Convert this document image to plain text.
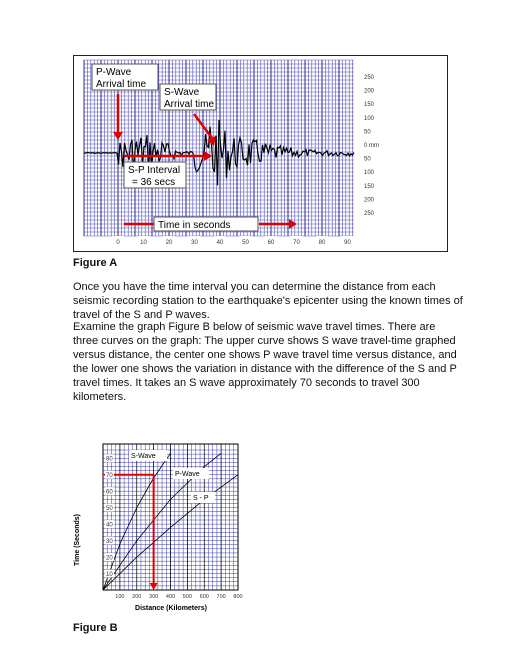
250
200
150
100
50
0 mm
50
100
150
200
250
0	10	20	30	40	50	60	70	80	90
P-Wave
Arrival time
S-Wave
Arrival time
S-P Interval
= 36 secs
Time in seconds
Figure A

Once you have the time interval you can determine the distance from each seismic recording station to the earthquake's epicenter using the known times of travel of the S and P waves.

Examine the graph Figure B below of seismic wave travel times. There are three curves on the graph: The upper curve shows S wave travel-time graphed versus distance, the center one shows P wave travel time versus distance, and the lower one shows the variation in distance with the difference of the S and P travel times. It takes an S wave approximately 70 seconds to travel 300 kilometers.

80
70
60
50
40
30
20
10
100 200 300 400 500 600 700 800
Time (Seconds)
Distance (Kilometers)
S-Wave
P-Wave
S - P
Figure B
